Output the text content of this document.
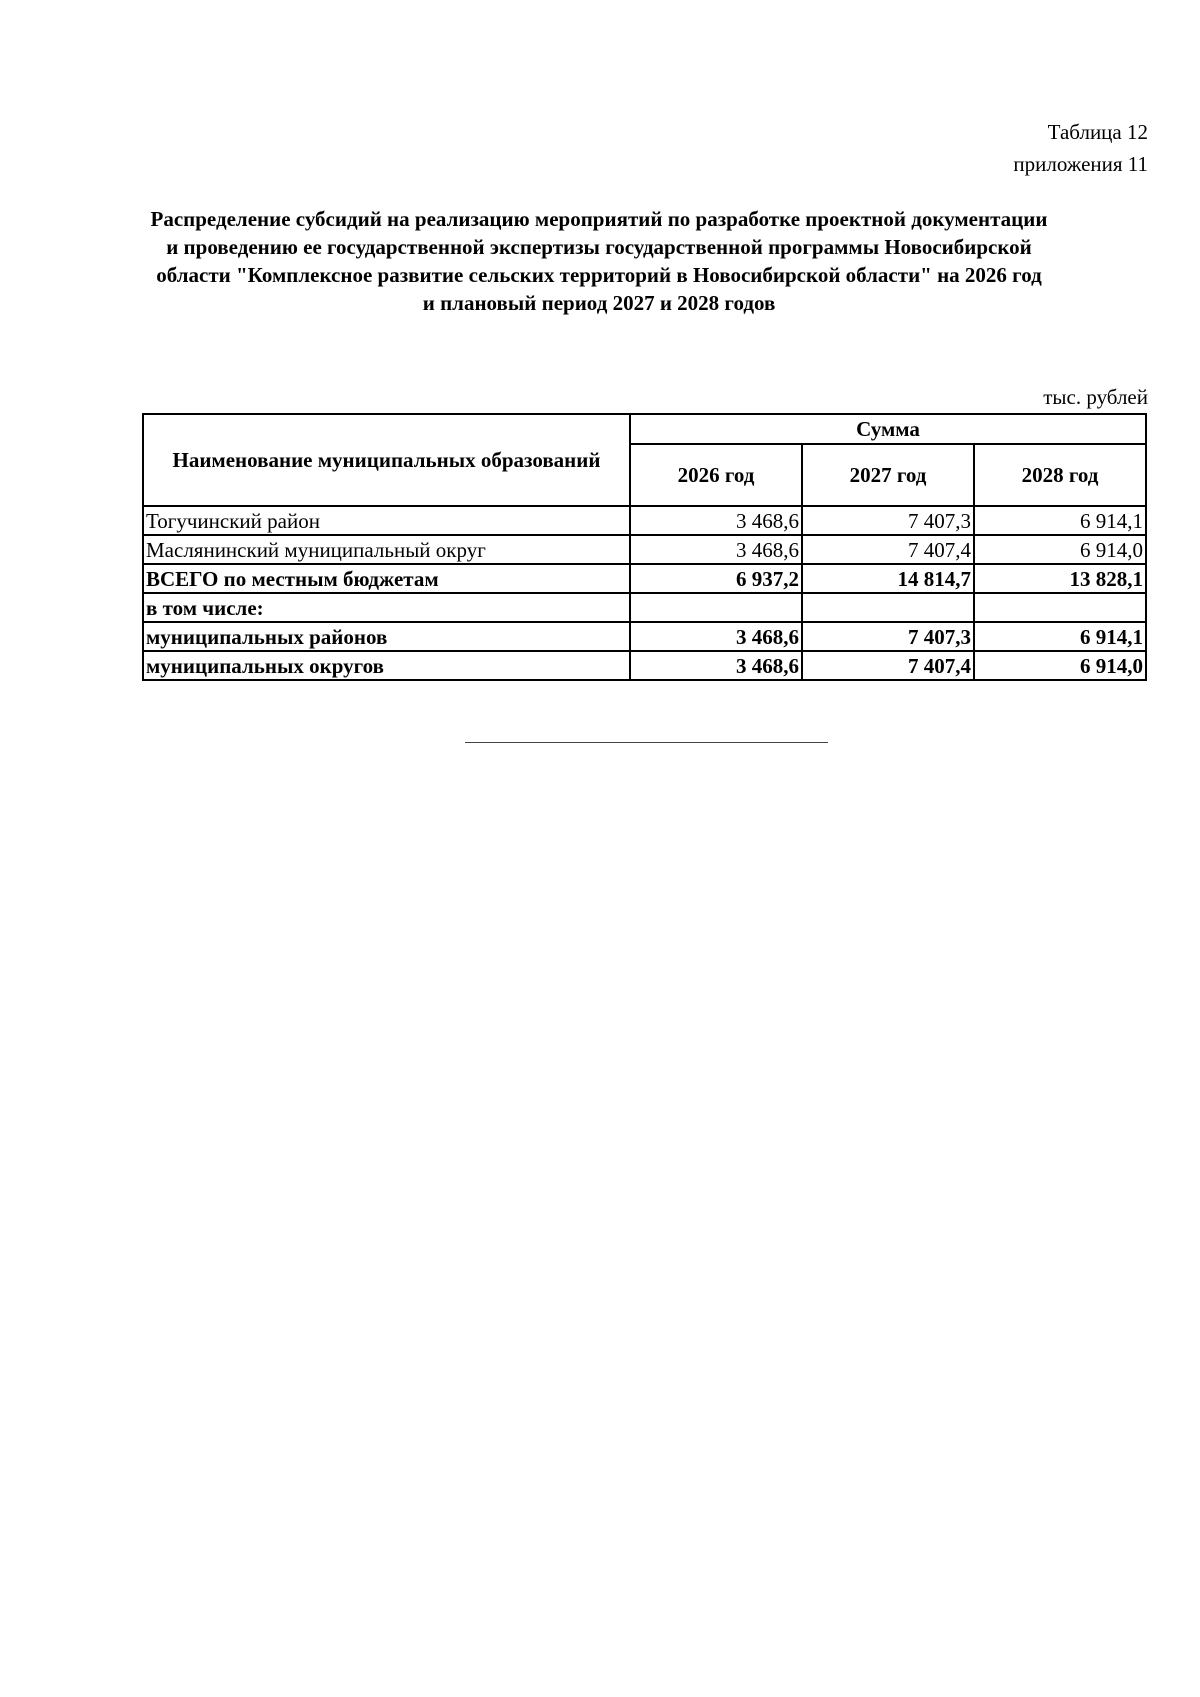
Таблица 12
приложения 11
Распределение субсидий на реализацию мероприятий по разработке проектной документации
и проведению ее государственной экспертизы государственной программы Новосибирской
области "Комплексное развитие сельских территорий в Новосибирской области" на 2026 год
и плановый период 2027 и 2028 годов
тыс. рублей
Наименование муниципальных образований	Сумма		
	2026 год	2027 год	2028 год
Тогучинский район	3 468,6	7 407,3	6 914,1
Маслянинский муниципальный округ	3 468,6	7 407,4	6 914,0
ВСЕГО по местным бюджетам	6 937,2	14 814,7	13 828,1
в том числе:			
муниципальных районов	3 468,6	7 407,3	6 914,1
муниципальных округов	3 468,6	7 407,4	6 914,0
